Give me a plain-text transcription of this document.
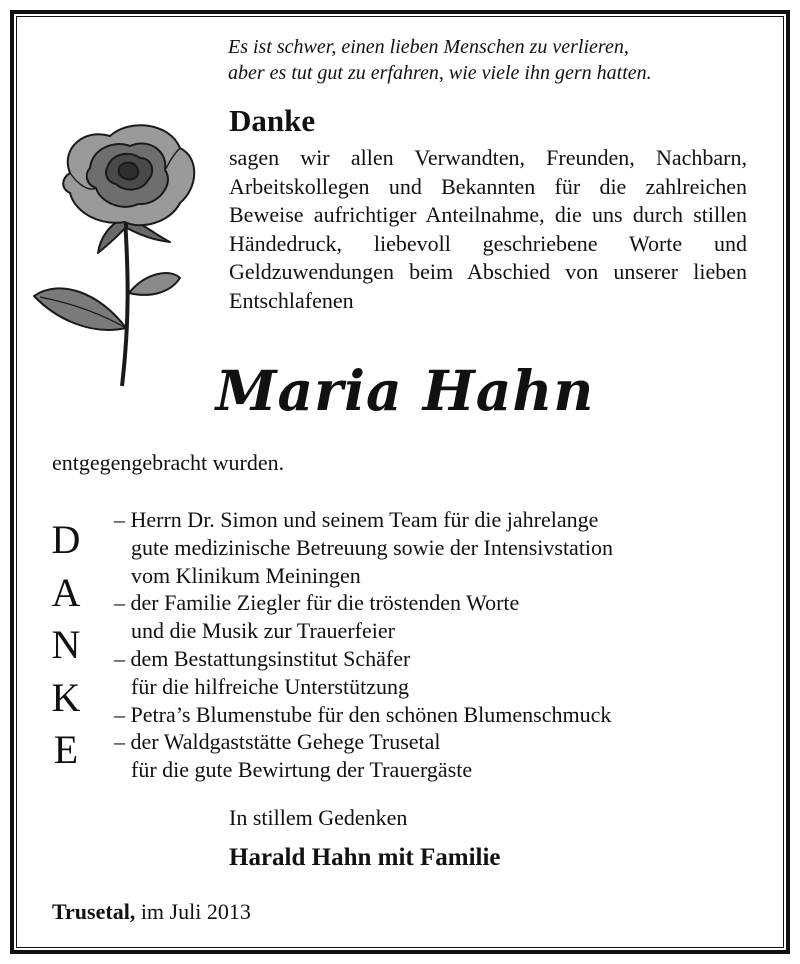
Es ist schwer, einen lieben Menschen zu verlieren,
aber es tut gut zu erfahren, wie viele ihn gern hatten.
Danke
sagen wir allen Verwandten, Freunden, Nachbarn, Arbeitskollegen und Bekannten für die zahlreichen Beweise aufrichtiger Anteilnahme, die uns durch stillen Händedruck, liebevoll geschriebene Worte und Geldzuwendungen beim Abschied von unserer lieben Entschlafenen
Maria Hahn
entgegengebracht wurden.
D
A
N
K
E
– Herrn Dr. Simon und seinem Team für die jahrelange
gute medizinische Betreuung sowie der Intensivstation
vom Klinikum Meiningen
– der Familie Ziegler für die tröstenden Worte
und die Musik zur Trauerfeier
– dem Bestattungsinstitut Schäfer
für die hilfreiche Unterstützung
– Petra’s Blumenstube für den schönen Blumenschmuck
– der Waldgaststätte Gehege Trusetal
für die gute Bewirtung der Trauergäste
In stillem Gedenken
Harald Hahn mit Familie
Trusetal, im Juli 2013
